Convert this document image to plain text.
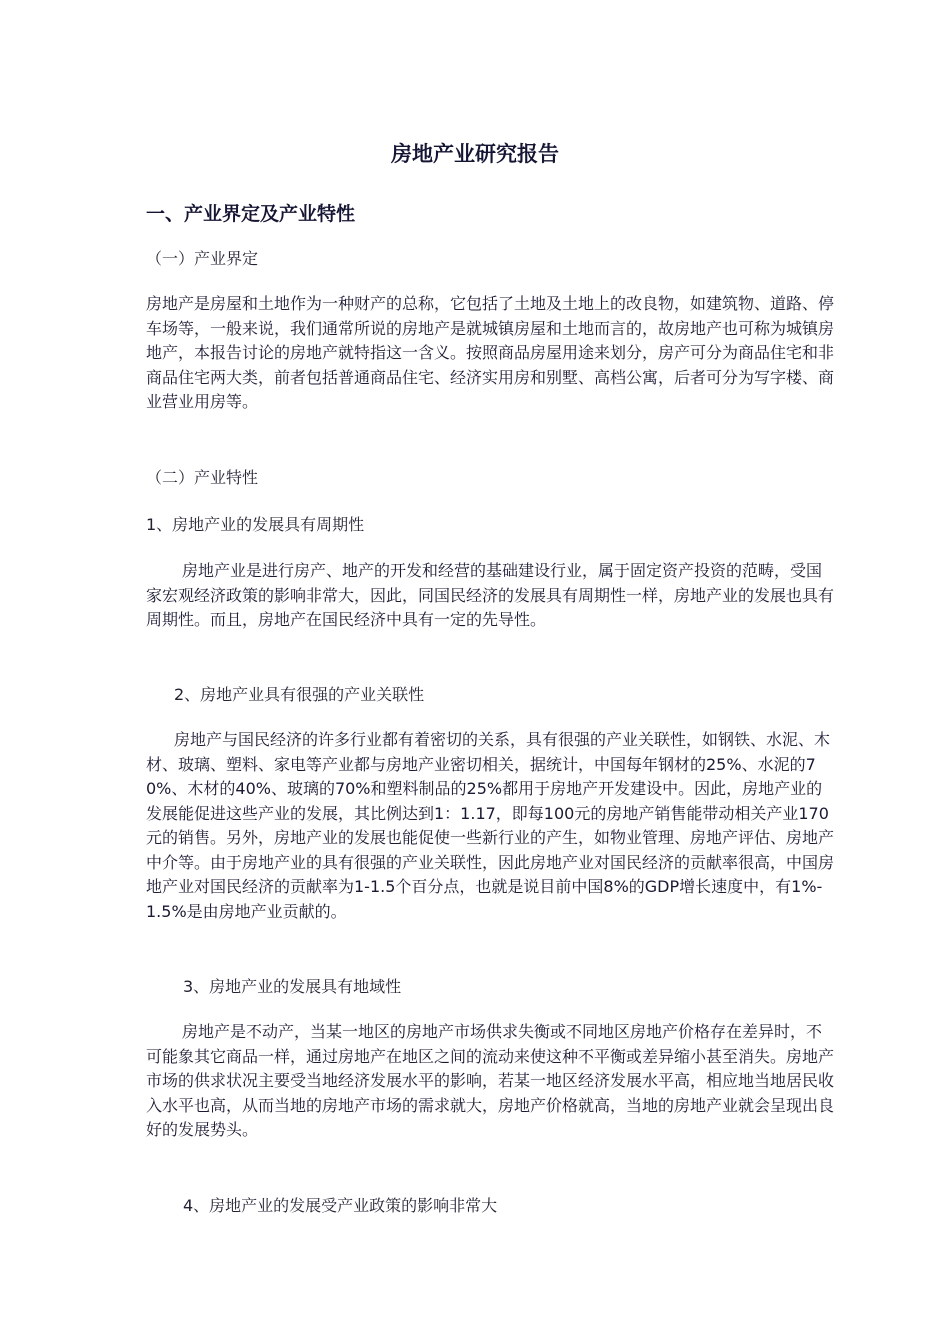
房地产业研究报告
一、产业界定及产业特性
（一）产业界定

房地产是房屋和土地作为一种财产的总称，它包括了土地及土地上的改良物，如建筑物、道路、停车场等，一般来说，我们通常所说的房地产是就城镇房屋和土地而言的，故房地产也可称为城镇房地产，本报告讨论的房地产就特指这一含义。按照商品房屋用途来划分，房产可分为商品住宅和非商品住宅两大类，前者包括普通商品住宅、经济实用房和别墅、高档公寓，后者可分为写字楼、商业营业用房等。

（二）产业特性
1、房地产业的发展具有周期性

房地产业是进行房产、地产的开发和经营的基础建设行业，属于固定资产投资的范畴，受国家宏观经济政策的影响非常大，因此，同国民经济的发展具有周期性一样，房地产业的发展也具有周期性。而且，房地产在国民经济中具有一定的先导性。

2、房地产业具有很强的产业关联性

房地产与国民经济的许多行业都有着密切的关系，具有很强的产业关联性，如钢铁、水泥、木材、玻璃、塑料、家电等产业都与房地产业密切相关，据统计，中国每年钢材的25%、水泥的70%、木材的40%、玻璃的70%和塑料制品的25%都用于房地产开发建设中。因此，房地产业的发展能促进这些产业的发展，其比例达到1：1.17，即每100元的房地产销售能带动相关产业170元的销售。另外，房地产业的发展也能促使一些新行业的产生，如物业管理、房地产评估、房地产中介等。由于房地产业的具有很强的产业关联性，因此房地产业对国民经济的贡献率很高，中国房地产业对国民经济的贡献率为1-1.5个百分点，也就是说目前中国8%的GDP增长速度中，有1%-1.5%是由房地产业贡献的。

3、房地产业的发展具有地域性

房地产是不动产，当某一地区的房地产市场供求失衡或不同地区房地产价格存在差异时，不可能象其它商品一样，通过房地产在地区之间的流动来使这种不平衡或差异缩小甚至消失。房地产市场的供求状况主要受当地经济发展水平的影响，若某一地区经济发展水平高，相应地当地居民收入水平也高，从而当地的房地产市场的需求就大，房地产价格就高，当地的房地产业就会呈现出良好的发展势头。

4、房地产业的发展受产业政策的影响非常大
